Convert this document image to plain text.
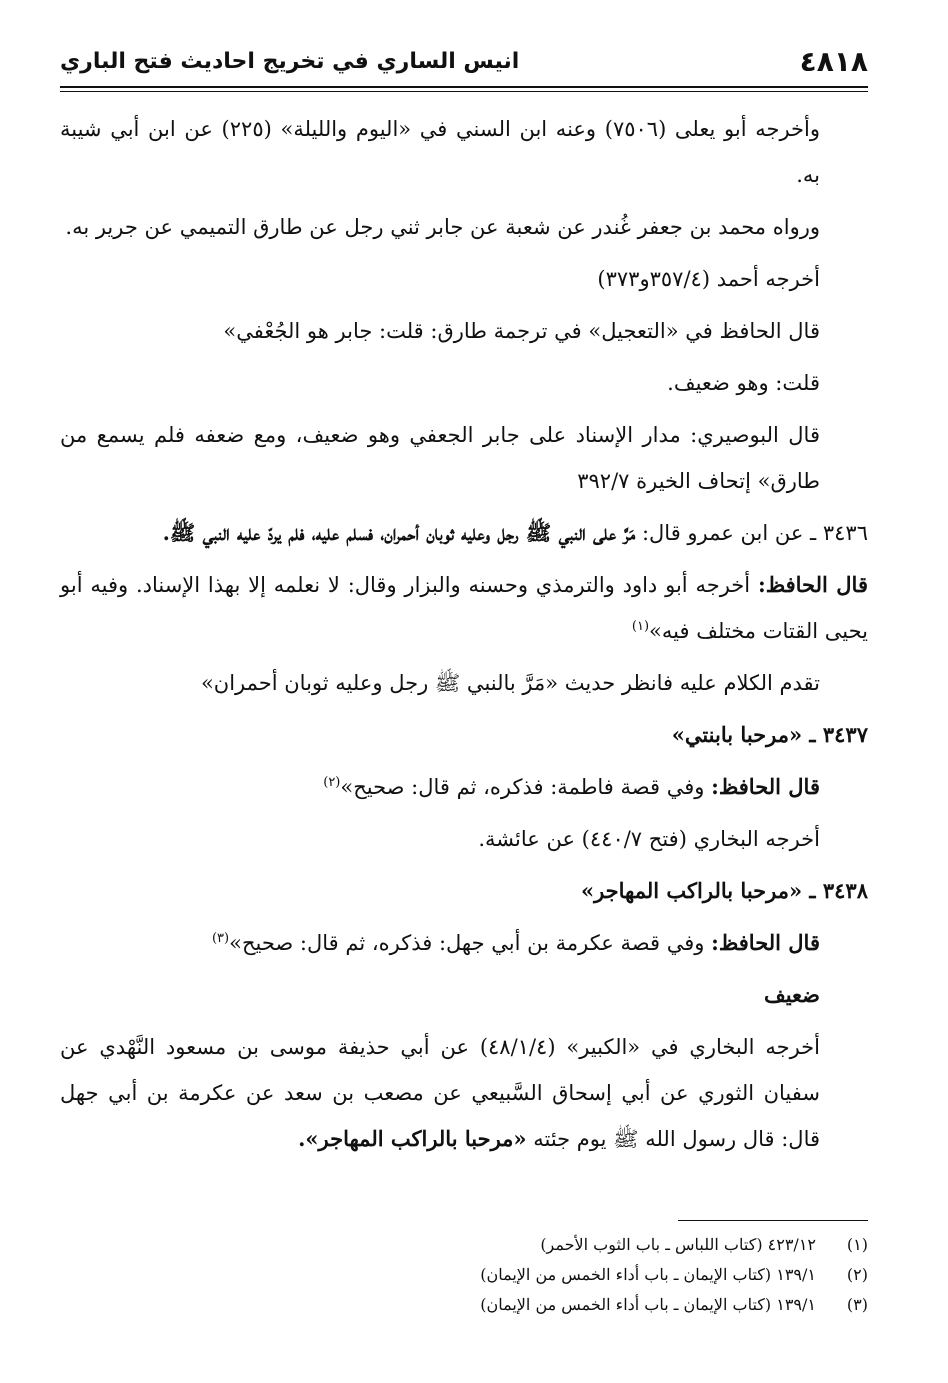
٤٨١٨
انيس الساري في تخريج احاديث فتح الباري

وأخرجه أبو يعلى (٧٥٠٦) وعنه ابن السني في «اليوم والليلة» (٢٢٥) عن ابن أبي شيبة به.

ورواه محمد بن جعفر غُندر عن شعبة عن جابر ثني رجل عن طارق التميمي عن جرير به.

أخرجه أحمد (٣٥٧/٤و٣٧٣)

قال الحافظ في «التعجيل» في ترجمة طارق: قلت: جابر هو الجُعْفي»

قلت: وهو ضعيف.

قال البوصيري: مدار الإسناد على جابر الجعفي وهو ضعيف، ومع ضعفه فلم يسمع من طارق» إتحاف الخيرة ٣٩٢/٧

٣٤٣٦ ـ عن ابن عمرو قال: مَرَّ على النبي ﷺ رجل وعليه ثوبان أحمران، فسلم عليه، فلم يردّ عليه النبي ﷺ.

قال الحافظ: أخرجه أبو داود والترمذي وحسنه والبزار وقال: لا نعلمه إلا بهذا الإسناد. وفيه أبو يحيى القتات مختلف فيه»$^{(١)}$

تقدم الكلام عليه فانظر حديث «مَرَّ بالنبي ﷺ رجل وعليه ثوبان أحمران»

٣٤٣٧ ـ «مرحبا بابنتي»

قال الحافظ: وفي قصة فاطمة: فذكره، ثم قال: صحيح»$^{(٢)}$

أخرجه البخاري (فتح ٤٤٠/٧) عن عائشة.

٣٤٣٨ ـ «مرحبا بالراكب المهاجر»

قال الحافظ: وفي قصة عكرمة بن أبي جهل: فذكره، ثم قال: صحيح»$^{(٣)}$

ضعيف

أخرجه البخاري في «الكبير» (٤٨/١/٤) عن أبي حذيفة موسى بن مسعود النَّهْدي عن سفيان الثوري عن أبي إسحاق السَّبيعي عن مصعب بن سعد عن عكرمة بن أبي جهل قال: قال رسول الله ﷺ يوم جئته «مرحبا بالراكب المهاجر».

(١)
٤٢٣/١٢ (كتاب اللباس ـ باب الثوب الأحمر)
(٢)
١٣٩/١ (كتاب الإيمان ـ باب أداء الخمس من الإيمان)
(٣)
١٣٩/١ (كتاب الإيمان ـ باب أداء الخمس من الإيمان)
